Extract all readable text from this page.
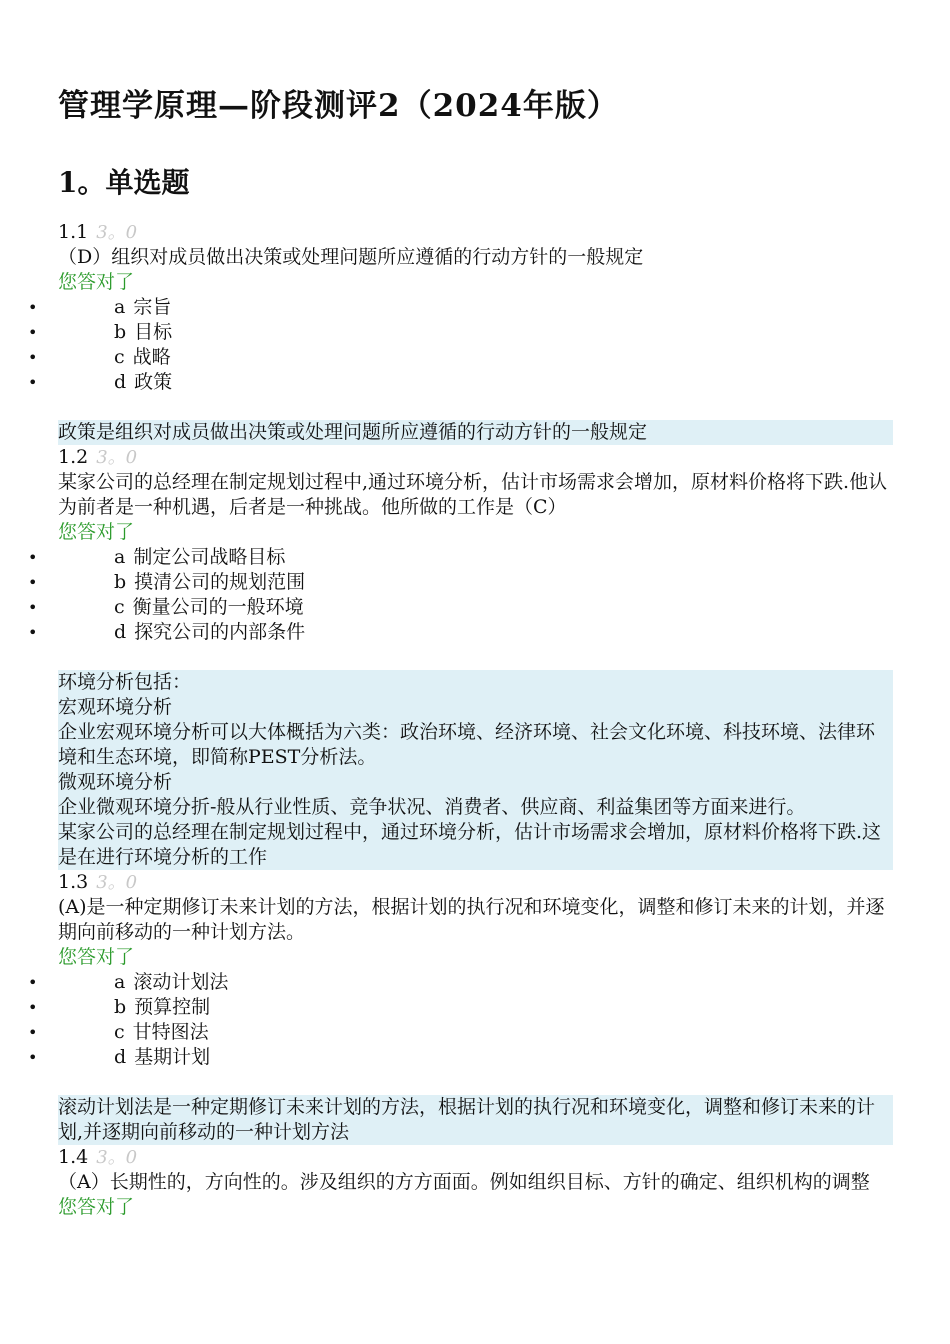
管理学原理—阶段测评2（2024年版）
1。单选题
1.1 3。0
（D）组织对成员做出决策或处理问题所应遵循的行动方针的一般规定
您答对了
• a 宗旨
• b 目标
• c 战略
• d 政策
政策是组织对成员做出决策或处理问题所应遵循的行动方针的一般规定
1.2 3。0
某家公司的总经理在制定规划过程中,通过环境分析，估计市场需求会增加，原材料价格将下跌.他认为前者是一种机遇，后者是一种挑战。他所做的工作是（C）
您答对了
• a 制定公司战略目标
• b 摸清公司的规划范围
• c 衡量公司的一般环境
• d 探究公司的内部条件
环境分析包括：
宏观环境分析
企业宏观环境分析可以大体概括为六类：政治环境、经济环境、社会文化环境、科技环境、法律环境和生态环境，即简称PEST分析法。
微观环境分析
企业微观环境分折-般从行业性质、竞争状况、消费者、供应商、利益集团等方面来进行。
某家公司的总经理在制定规划过程中，通过环境分析，估计市场需求会增加，原材料价格将下跌.这是在进行环境分析的工作
1.3 3。0
(A)是一种定期修订未来计划的方法，根据计划的执行况和环境变化，调整和修订未来的计划，并逐期向前移动的一种计划方法。
您答对了
• a 滚动计划法
• b 预算控制
• c 甘特图法
• d 基期计划
滚动计划法是一种定期修订未来计划的方法，根据计划的执行况和环境变化，调整和修订未来的计划,并逐期向前移动的一种计划方法
1.4 3。0
（A）长期性的，方向性的。涉及组织的方方面面。例如组织目标、方针的确定、组织机构的调整
您答对了
